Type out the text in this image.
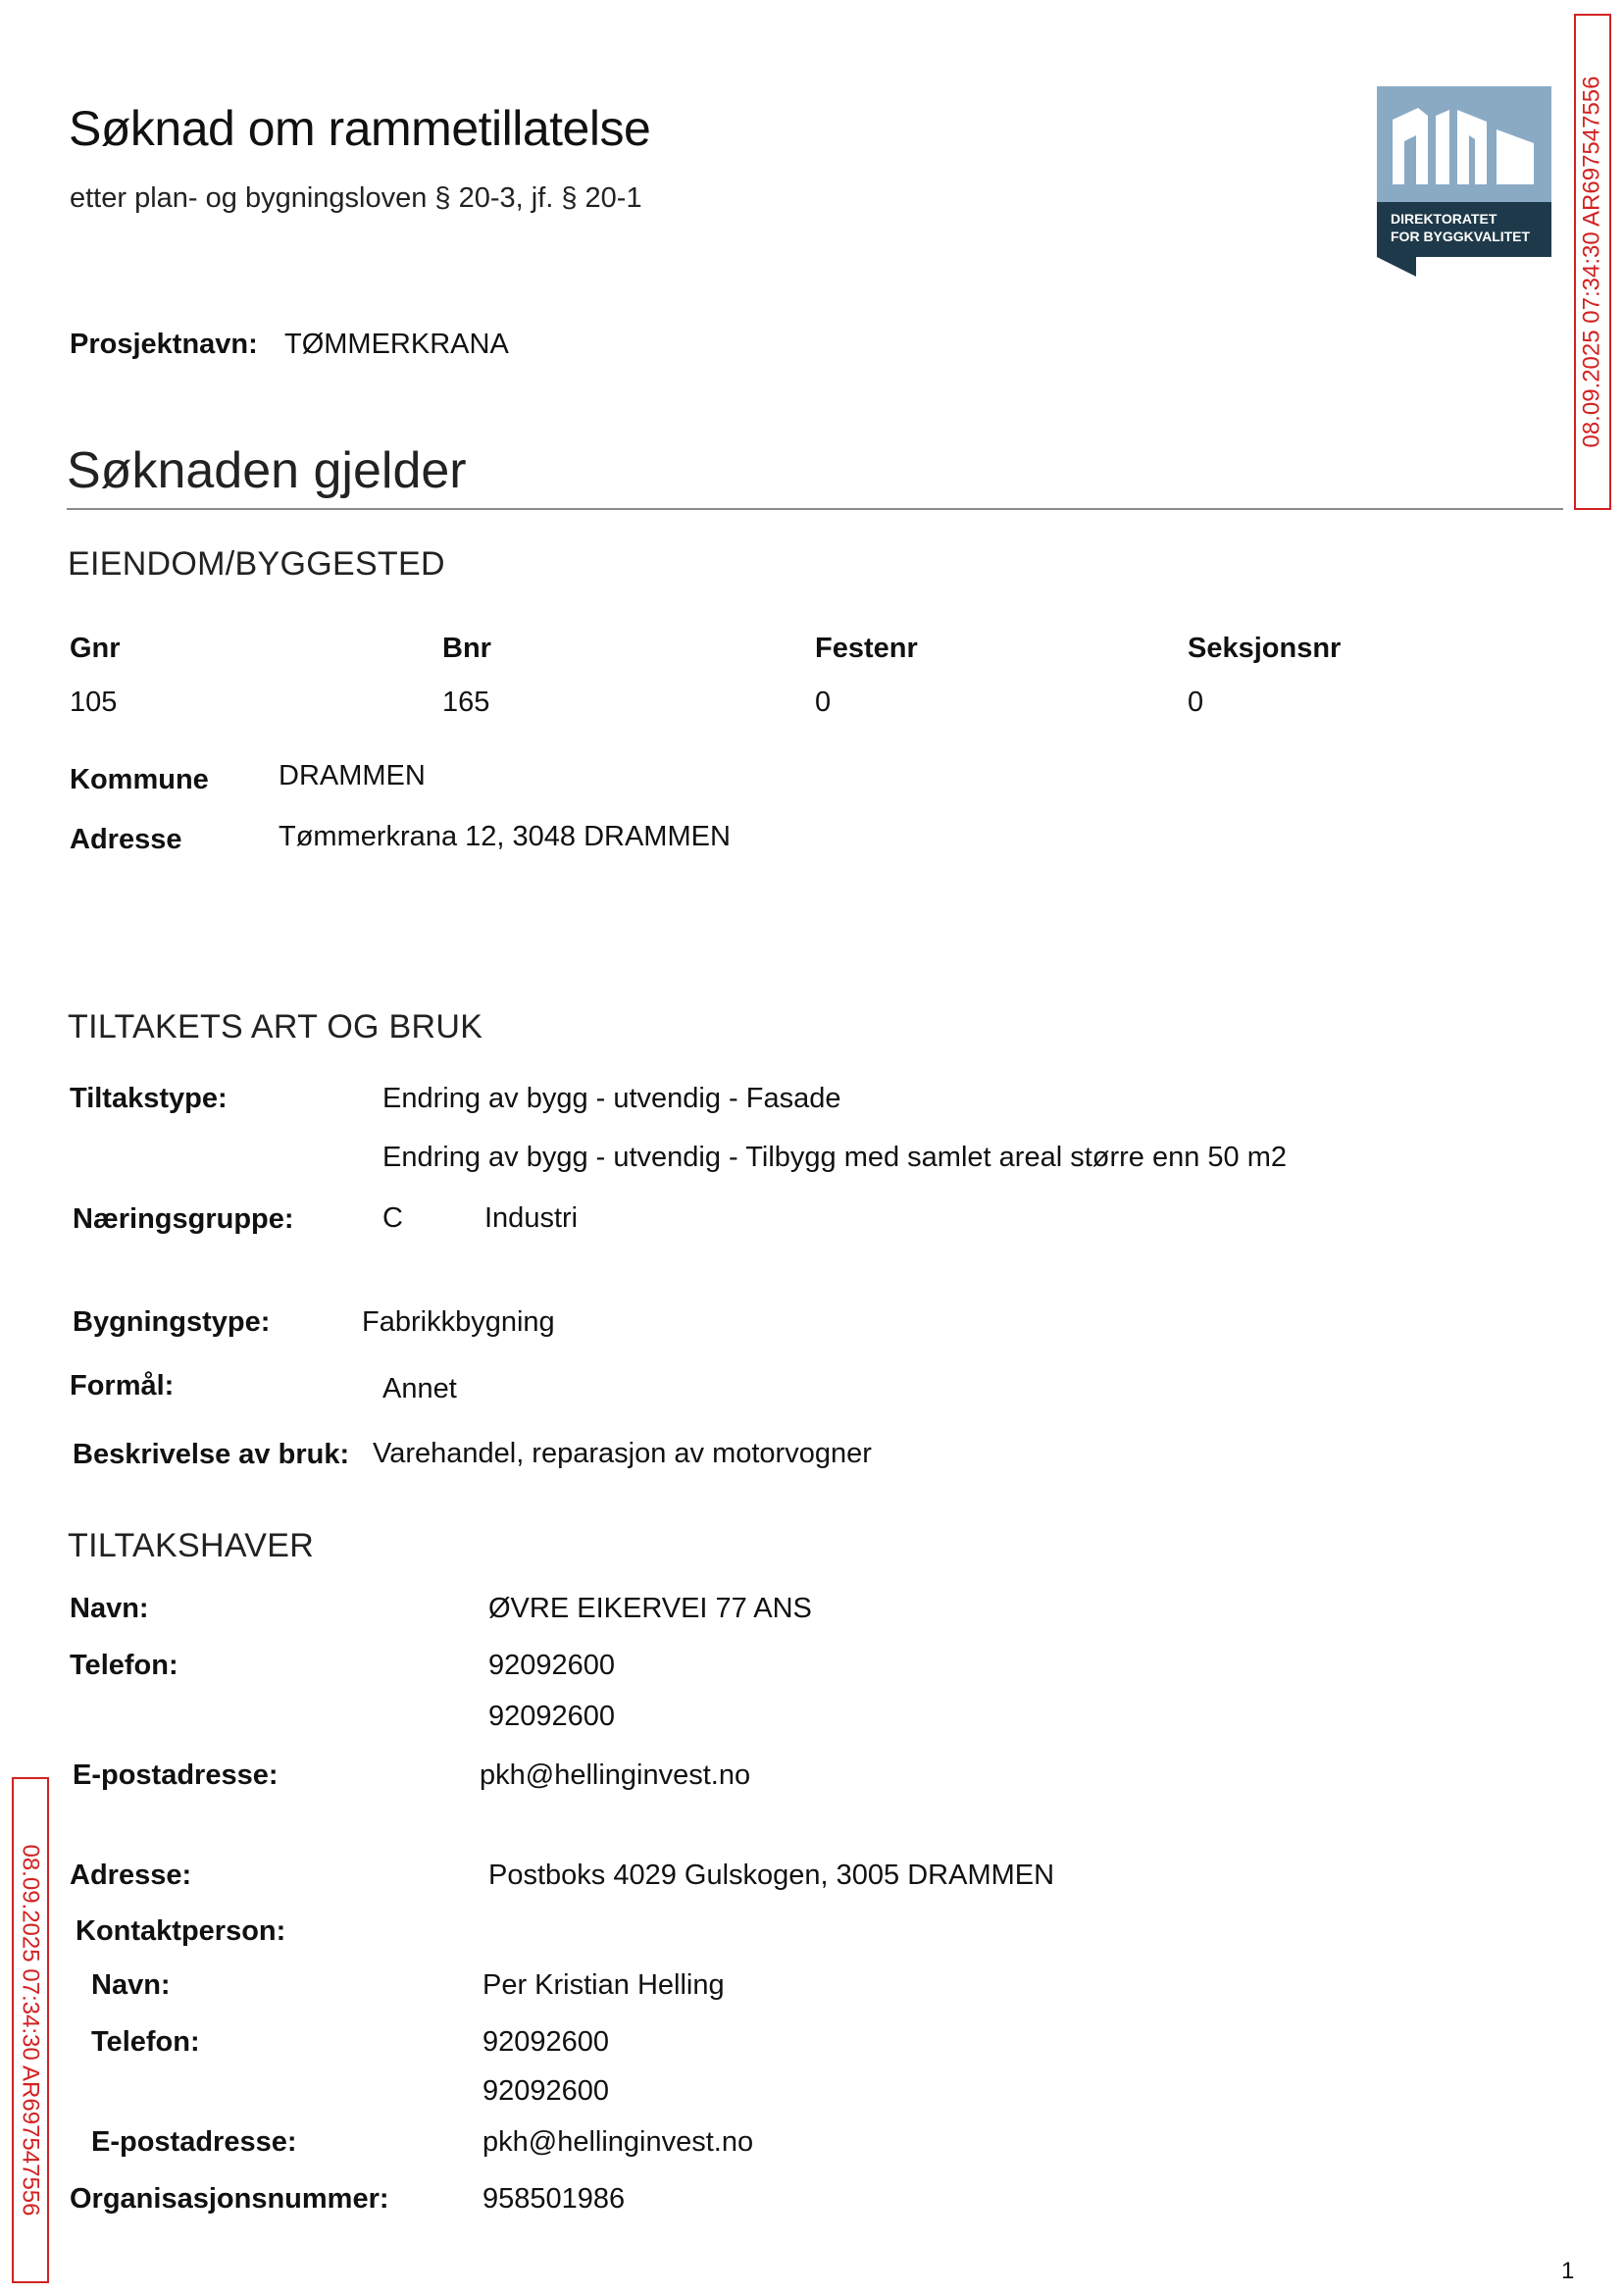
Søknad om rammetillatelse
etter plan- og bygningsloven § 20-3, jf. § 20-1
DIREKTORATET
FOR BYGGKVALITET 08.09.2025 07:34:30 AR697547556
08.09.2025 07:34:30 AR697547556
Prosjektnavn: TØMMERKRANA
Søknaden gjelder
EIENDOM/BYGGESTED
Gnr	Bnr	Festenr	Seksjonsnr
105	165	0	0
Kommune DRAMMEN
Adresse	Tømmerkrana 12, 3048 DRAMMEN
TILTAKETS ART OG BRUK
Tiltakstype:	Endring av bygg - utvendig - Fasade
Endring av bygg - utvendig - Tilbygg med samlet areal større enn 50 m2
Næringsgruppe:	C	Industri
Bygningstype:	Fabrikkbygning
Formål:	Annet
Beskrivelse av bruk: Varehandel, reparasjon av motorvogner
TILTAKSHAVER
Navn:	ØVRE EIKERVEI 77 ANS
Telefon:	92092600
92092600
E-postadresse:	pkh@hellinginvest.no
Adresse:	Postboks 4029 Gulskogen, 3005 DRAMMEN
Kontaktperson:
Navn:	Per Kristian Helling
Telefon:	92092600
92092600
E-postadresse:	pkh@hellinginvest.no
Organisasjonsnummer:	958501986
1
